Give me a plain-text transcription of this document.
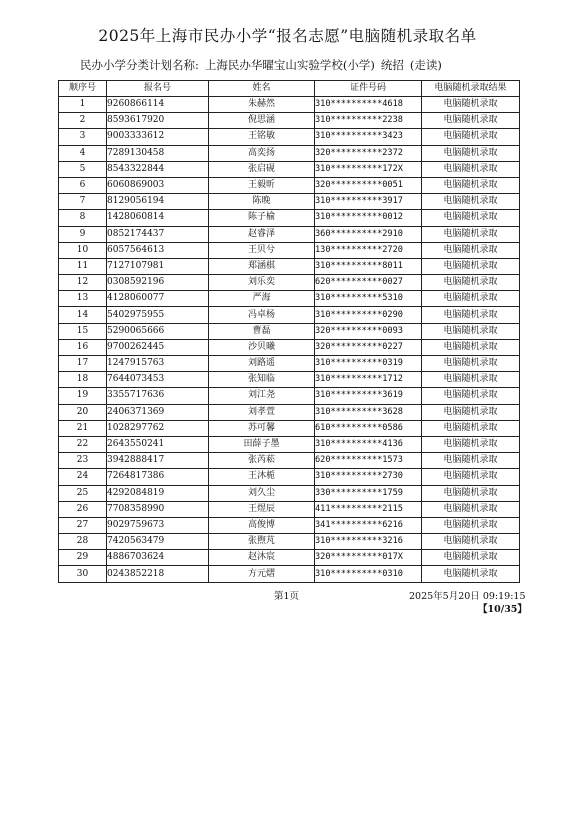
2025年上海市民办小学“报名志愿”电脑随机录取名单
民办小学分类计划名称: 上海民办华曜宝山实验学校(小学) 统招 (走读)
顺序号	报名号	姓名	证件号码	电脑随机录取结果
1	9260866114	朱赫然	310**********4618	电脑随机录取
2	8593617920	倪思涵	310**********2238	电脑随机录取
3	9003333612	王铭敏	310**********3423	电脑随机录取
4	7289130458	高奕扬	320**********2372	电脑随机录取
5	8543322844	张启砚	310**********172X	电脑随机录取
6	6060869003	王毅昕	320**********0051	电脑随机录取
7	8129056194	陈晚	310**********3917	电脑随机录取
8	1428060814	陈子榆	310**********0012	电脑随机录取
9	0852174437	赵睿泽	360**********2910	电脑随机录取
10	6057564613	王贝兮	130**********2720	电脑随机录取
11	7127107981	郑涵棋	310**********8011	电脑随机录取
12	0308592196	刘乐奕	620**********0027	电脑随机录取
13	4128060077	严海	310**********5310	电脑随机录取
14	5402975955	冯卓杨	310**********0290	电脑随机录取
15	5290065666	曹磊	320**********0093	电脑随机录取
16	9700262445	沙贝曦	320**********0227	电脑随机录取
17	1247915763	刘路遥	310**********0319	电脑随机录取
18	7644073453	张知临	310**********1712	电脑随机录取
19	3355717636	刘江尧	310**********3619	电脑随机录取
20	2406371369	刘孝萱	310**********3628	电脑随机录取
21	1028297762	苏可馨	610**********0586	电脑随机录取
22	2643550241	田薛子墨	310**********4136	电脑随机录取
23	3942888417	张芮菘	620**********1573	电脑随机录取
24	7264817386	王沐栀	310**********2730	电脑随机录取
25	4292084819	刘久尘	330**********1759	电脑随机录取
26	7708358990	王煜辰	411**********2115	电脑随机录取
27	9029759673	高俊博	341**********6216	电脑随机录取
28	7420563479	张煦芃	310**********3216	电脑随机录取
29	4886703624	赵沐宸	320**********017X	电脑随机录取
30	0243852218	方元熠	310**********0310	电脑随机录取
第1页	2025年5月20日 09:19:15
【10/35】
